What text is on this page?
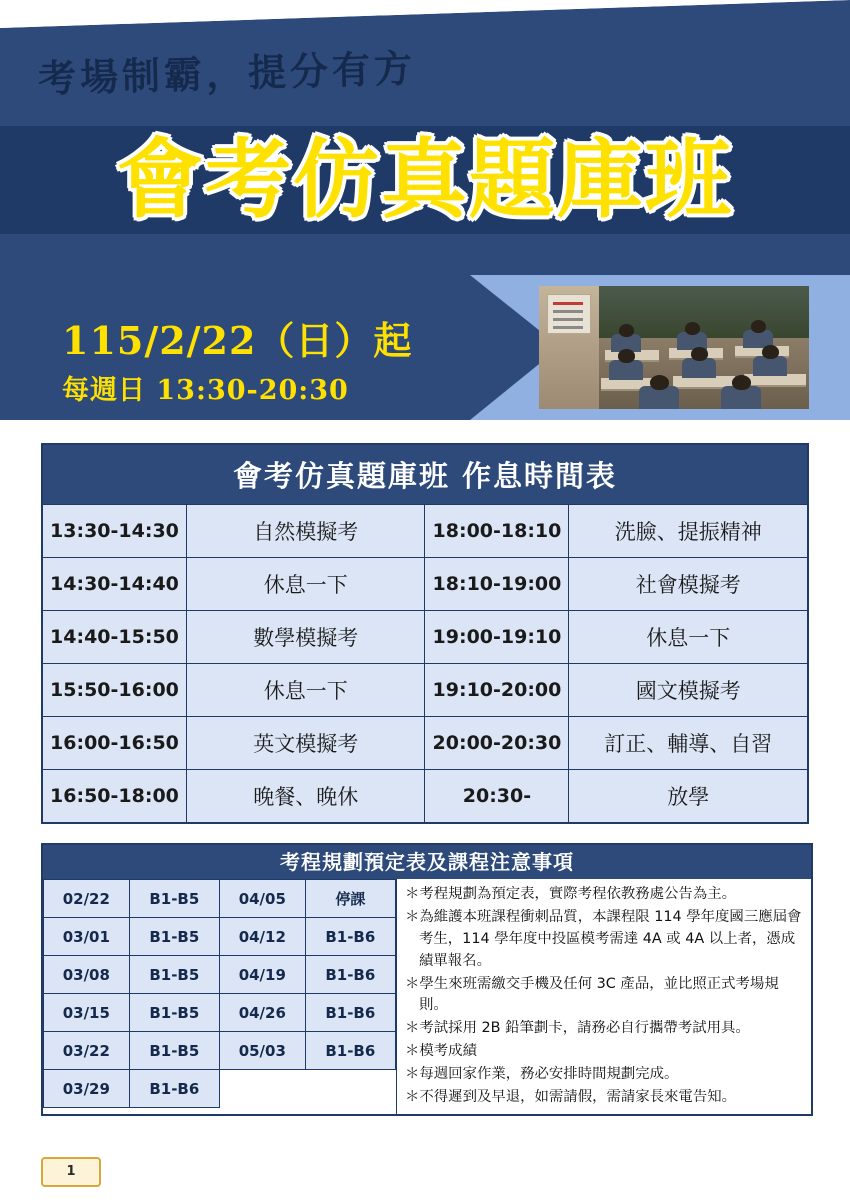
考場制霸，提分有方
會考仿真題庫班
115/2/22（日）起
每週日 13:30-20:30
會考仿真題庫班 作息時間表			
13:30-14:30	自然模擬考	18:00-18:10	洗臉、提振精神
14:30-14:40	休息一下	18:10-19:00	社會模擬考
14:40-15:50	數學模擬考	19:00-19:10	休息一下
15:50-16:00	休息一下	19:10-20:00	國文模擬考
16:00-16:50	英文模擬考	20:00-20:30	訂正、輔導、自習
16:50-18:00	晚餐、晚休	20:30-	放學
考程規劃預定表及課程注意事項
02/22	B1-B5	04/05	停課
03/01	B1-B5	04/12	B1-B6
03/08	B1-B5	04/19	B1-B6
03/15	B1-B5	04/26	B1-B6
03/22	B1-B5	05/03	B1-B6
03/29	B1-B6		

＊考程規劃為預定表，實際考程依教務處公告為主。

＊為維護本班課程衝刺品質，本課程限 114 學年度國三應屆會考生，114 學年度中投區模考需達 4A 或 4A 以上者，憑成績單報名。

＊學生來班需繳交手機及任何 3C 產品，並比照正式考場規則。

＊考試採用 2B 鉛筆劃卡，請務必自行攜帶考試用具。

＊模考成績

＊每週回家作業，務必安排時間規劃完成。

＊不得遲到及早退，如需請假，需請家長來電告知。

1
